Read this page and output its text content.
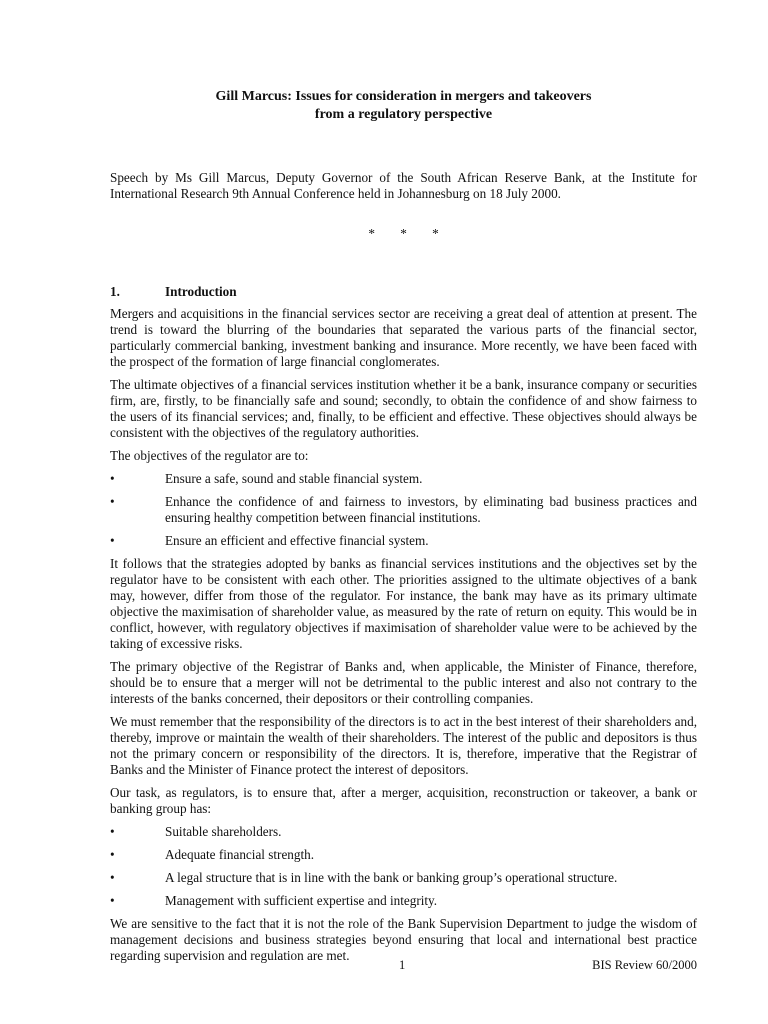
Gill Marcus: Issues for consideration in mergers and takeovers
from a regulatory perspective

Speech by Ms Gill Marcus, Deputy Governor of the South African Reserve Bank, at the Institute for International Research 9th Annual Conference held in Johannesburg on 18 July 2000.

* * *
1.	Introduction

Mergers and acquisitions in the financial services sector are receiving a great deal of attention at present. The trend is toward the blurring of the boundaries that separated the various parts of the financial sector, particularly commercial banking, investment banking and insurance. More recently, we have been faced with the prospect of the formation of large financial conglomerates.

The ultimate objectives of a financial services institution whether it be a bank, insurance company or securities firm, are, firstly, to be financially safe and sound; secondly, to obtain the confidence of and show fairness to the users of its financial services; and, finally, to be efficient and effective. These objectives should always be consistent with the objectives of the regulatory authorities.

The objectives of the regulator are to:

•	Ensure a safe, sound and stable financial system.
•	Enhance the confidence of and fairness to investors, by eliminating bad business practices and ensuring healthy competition between financial institutions.
•	Ensure an efficient and effective financial system.

It follows that the strategies adopted by banks as financial services institutions and the objectives set by the regulator have to be consistent with each other. The priorities assigned to the ultimate objectives of a bank may, however, differ from those of the regulator. For instance, the bank may have as its primary ultimate objective the maximisation of shareholder value, as measured by the rate of return on equity. This would be in conflict, however, with regulatory objectives if maximisation of shareholder value were to be achieved by the taking of excessive risks.

The primary objective of the Registrar of Banks and, when applicable, the Minister of Finance, therefore, should be to ensure that a merger will not be detrimental to the public interest and also not contrary to the interests of the banks concerned, their depositors or their controlling companies.

We must remember that the responsibility of the directors is to act in the best interest of their shareholders and, thereby, improve or maintain the wealth of their shareholders. The interest of the public and depositors is thus not the primary concern or responsibility of the directors. It is, therefore, imperative that the Registrar of Banks and the Minister of Finance protect the interest of depositors.

Our task, as regulators, is to ensure that, after a merger, acquisition, reconstruction or takeover, a bank or banking group has:

•	Suitable shareholders.
•	Adequate financial strength.
•	A legal structure that is in line with the bank or banking group’s operational structure.
•	Management with sufficient expertise and integrity.

We are sensitive to the fact that it is not the role of the Bank Supervision Department to judge the wisdom of management decisions and business strategies beyond ensuring that local and international best practice regarding supervision and regulation are met.

1	BIS Review 60/2000
